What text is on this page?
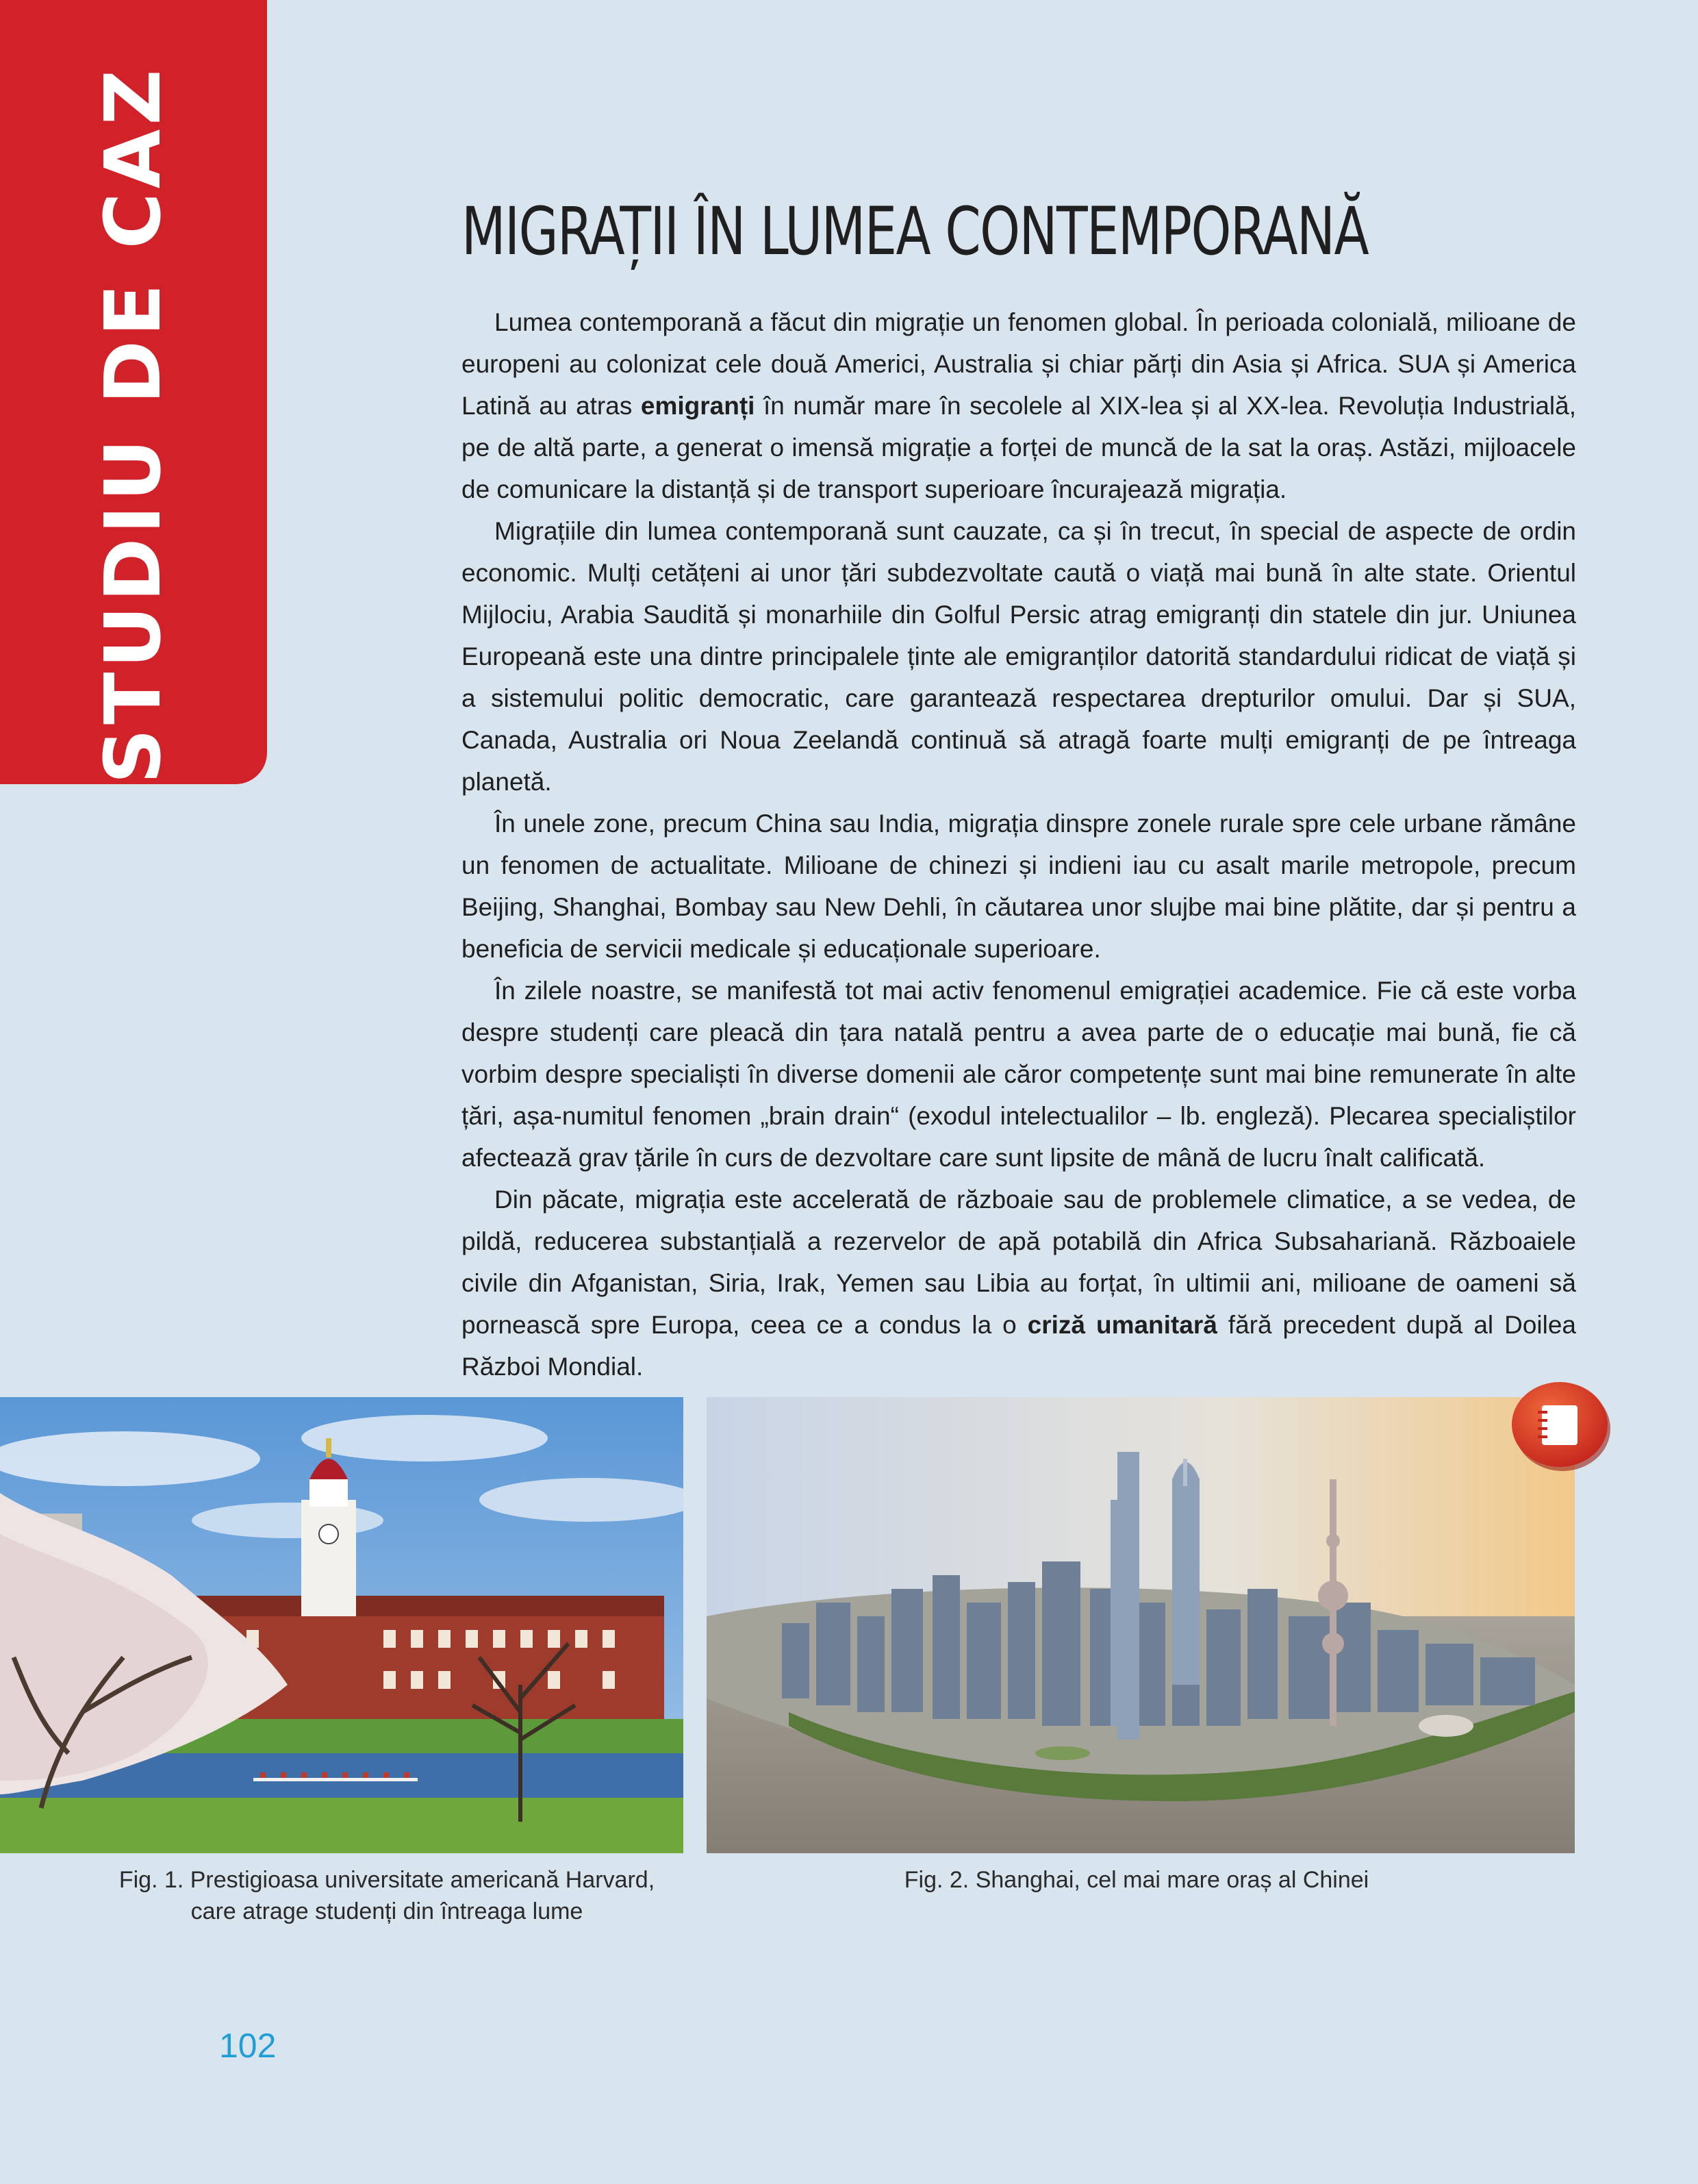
STUDIU DE CAZ	MIGRAȚII ÎN LUMEA CONTEMPORANĂ

Lumea contemporană a făcut din migrație un fenomen global. În perioada colonială, milioane de europeni au colonizat cele două Americi, Australia și chiar părți din Asia și Africa. SUA și America Latină au atras emigranți în număr mare în secolele al XIX-lea și al XX-lea. Revoluția Industrială, pe de altă parte, a generat o imensă migrație a forței de muncă de la sat la oraș. Astăzi, mijloacele de comunicare la distanță și de transport superioare încurajează migrația.

Migrațiile din lumea contemporană sunt cauzate, ca și în trecut, în special de aspecte de ordin economic. Mulți cetățeni ai unor țări subdezvoltate caută o viață mai bună în alte state. Orientul Mijlociu, Arabia Saudită și monarhiile din Golful Persic atrag emigranți din statele din jur. Uniunea Europeană este una dintre principalele ținte ale emigranților datorită standardului ridicat de viață și a sistemului politic democratic, care garantează respectarea drepturilor omului. Dar și SUA, Canada, Australia ori Noua Zeelandă continuă să atragă foarte mulți emigranți de pe întreaga planetă.

În unele zone, precum China sau India, migrația dinspre zonele rurale spre cele urbane rămâne un fenomen de actualitate. Milioane de chinezi și indieni iau cu asalt marile metropole, precum Beijing, Shanghai, Bombay sau New Dehli, în căutarea unor slujbe mai bine plătite, dar și pentru a beneficia de servicii medicale și educaționale superioare.

În zilele noastre, se manifestă tot mai activ fenomenul emigrației academice. Fie că este vorba despre studenți care pleacă din țara natală pentru a avea parte de o educație mai bună, fie că vorbim despre specialiști în diverse domenii ale căror competențe sunt mai bine remunerate în alte țări, așa-numitul fenomen „brain drain“ (exodul intelectualilor – lb. engleză). Plecarea specialiștilor afectează grav țările în curs de dezvoltare care sunt lipsite de mână de lucru înalt calificată.

Din păcate, migrația este accelerată de războaie sau de problemele climatice, a se vedea, de pildă, reducerea substanțială a rezervelor de apă potabilă din Africa Subsahariană. Războaiele civile din Afganistan, Siria, Irak, Yemen sau Libia au forțat, în ultimii ani, milioane de oameni să pornească spre Europa, ceea ce a condus la o criză umanitară fără precedent după al Doilea Război Mondial.

Fig. 1. Prestigioasa universitate americană Harvard, care atrage studenți din întreaga lume
Fig. 2. Shanghai, cel mai mare oraș al Chinei
102
